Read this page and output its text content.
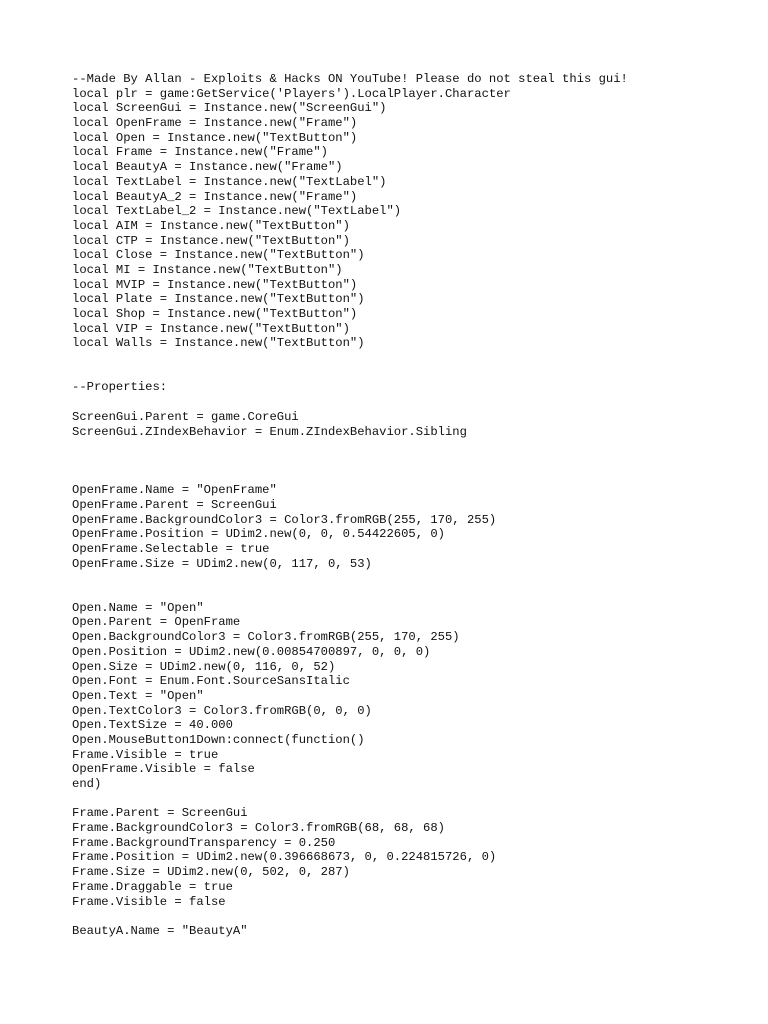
--Made By Allan - Exploits & Hacks ON YouTube! Please do not steal this gui!
local plr = game:GetService('Players').LocalPlayer.Character
local ScreenGui = Instance.new("ScreenGui")
local OpenFrame = Instance.new("Frame")
local Open = Instance.new("TextButton")
local Frame = Instance.new("Frame")
local BeautyA = Instance.new("Frame")
local TextLabel = Instance.new("TextLabel")
local BeautyA_2 = Instance.new("Frame")
local TextLabel_2 = Instance.new("TextLabel")
local AIM = Instance.new("TextButton")
local CTP = Instance.new("TextButton")
local Close = Instance.new("TextButton")
local MI = Instance.new("TextButton")
local MVIP = Instance.new("TextButton")
local Plate = Instance.new("TextButton")
local Shop = Instance.new("TextButton")
local VIP = Instance.new("TextButton")
local Walls = Instance.new("TextButton")
--Properties:
ScreenGui.Parent = game.CoreGui
ScreenGui.ZIndexBehavior = Enum.ZIndexBehavior.Sibling
OpenFrame.Name = "OpenFrame"
OpenFrame.Parent = ScreenGui
OpenFrame.BackgroundColor3 = Color3.fromRGB(255, 170, 255)
OpenFrame.Position = UDim2.new(0, 0, 0.54422605, 0)
OpenFrame.Selectable = true
OpenFrame.Size = UDim2.new(0, 117, 0, 53)
Open.Name = "Open"
Open.Parent = OpenFrame
Open.BackgroundColor3 = Color3.fromRGB(255, 170, 255)
Open.Position = UDim2.new(0.00854700897, 0, 0, 0)
Open.Size = UDim2.new(0, 116, 0, 52)
Open.Font = Enum.Font.SourceSansItalic
Open.Text = "Open"
Open.TextColor3 = Color3.fromRGB(0, 0, 0)
Open.TextSize = 40.000
Open.MouseButton1Down:connect(function()
Frame.Visible = true
OpenFrame.Visible = false
end)
Frame.Parent = ScreenGui
Frame.BackgroundColor3 = Color3.fromRGB(68, 68, 68)
Frame.BackgroundTransparency = 0.250
Frame.Position = UDim2.new(0.396668673, 0, 0.224815726, 0)
Frame.Size = UDim2.new(0, 502, 0, 287)
Frame.Draggable = true
Frame.Visible = false
BeautyA.Name = "BeautyA"
